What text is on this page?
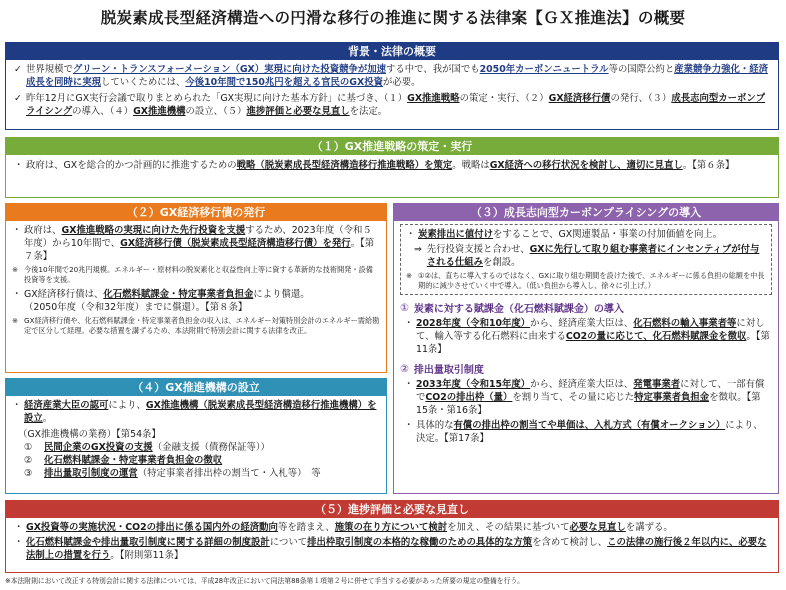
脱炭素成長型経済構造への円滑な移行の推進に関する法律案【ＧＸ推進法】の概要
背景・法律の概要
✓ 世界規模でグリーン・トランスフォーメーション（GX）実現に向けた投資競争が加速する中で、我が国でも2050年カーボンニュートラル等の国際公約と産業競争力強化・経済成長を同時に実現していくためには、今後10年間で150兆円を超える官民のGX投資が必要。
✓ 昨年12月にGX実行会議で取りまとめられた「GX実現に向けた基本方針」に基づき、（１）GX推進戦略の策定・実行、（２）GX経済移行債の発行、（３）成長志向型カーボンプライシングの導入、（４）GX推進機構の設立、（５）進捗評価と必要な見直しを法定。
（１）GX推進戦略の策定・実行
・ 政府は、GXを総合的かつ計画的に推進するための戦略（脱炭素成長型経済構造移行推進戦略）を策定。戦略はGX経済への移行状況を検討し、適切に見直し。【第６条】
（２）GX経済移行債の発行
・ 政府は、GX推進戦略の実現に向けた先行投資を支援するため、2023年度（令和５年度）から10年間で、GX経済移行債（脱炭素成長型経済構造移行債）を発行。【第７条】
※ 今後10年間で20兆円規模。エネルギー・原材料の脱炭素化と収益性向上等に資する革新的な技術開発・設備投資等を支援。
・ GX経済移行債は、化石燃料賦課金・特定事業者負担金により償還。
（2050年度（令和32年度）までに償還）。【第８条】
※ GX経済移行債や、化石燃料賦課金・特定事業者負担金の収入は、エネルギー対策特別会計のエネルギー需給勘定で区分して経理。必要な措置を講ずるため、本法附則で特別会計に関する法律を改正。
（４）GX推進機構の設立
・ 経済産業大臣の認可により、GX推進機構（脱炭素成長型経済構造移行推進機構）を設立。
（GX推進機構の業務）【第54条】
①	民間企業のGX投資の支援（金融支援（債務保証等））
②	化石燃料賦課金・特定事業者負担金の徴収
③	排出量取引制度の運営（特定事業者排出枠の割当て・入札等）　等
（３）成長志向型カーボンプライシングの導入
・ 炭素排出に値付けをすることで、GX関連製品・事業の付加価値を向上。
⇒ 先行投資支援と合わせ、GXに先行して取り組む事業者にインセンティブが付与される仕組みを創設。
※ ①②は、直ちに導入するのではなく、GXに取り組む期間を設けた後で、エネルギーに係る負担の総額を中長期的に減少させていく中で導入。（低い負担から導入し、徐々に引上げ。）
① 炭素に対する賦課金（化石燃料賦課金）の導入
・ 2028年度（令和10年度）から、経済産業大臣は、化石燃料の輸入事業者等に対して、輸入等する化石燃料に由来するCO2の量に応じて、化石燃料賦課金を徴収。【第11条】
② 排出量取引制度
・ 2033年度（令和15年度）から、経済産業大臣は、発電事業者に対して、一部有償でCO2の排出枠（量）を割り当て、その量に応じた特定事業者負担金を徴収。【第15条・第16条】
・ 具体的な有償の排出枠の割当てや単価は、入札方式（有償オークション）により、決定。【第17条】
（５）進捗評価と必要な見直し
・ GX投資等の実施状況・CO2の排出に係る国内外の経済動向等を踏まえ、施策の在り方について検討を加え、その結果に基づいて必要な見直しを講ずる。
・ 化石燃料賦課金や排出量取引制度に関する詳細の制度設計について排出枠取引制度の本格的な稼働のための具体的な方策を含めて検討し、この法律の施行後２年以内に、必要な法制上の措置を行う。【附則第11条】
※本法附則において改正する特別会計に関する法律については、平成28年改正において同法第88条第１項第２号に併せて手当する必要があった所要の規定の整備を行う。
